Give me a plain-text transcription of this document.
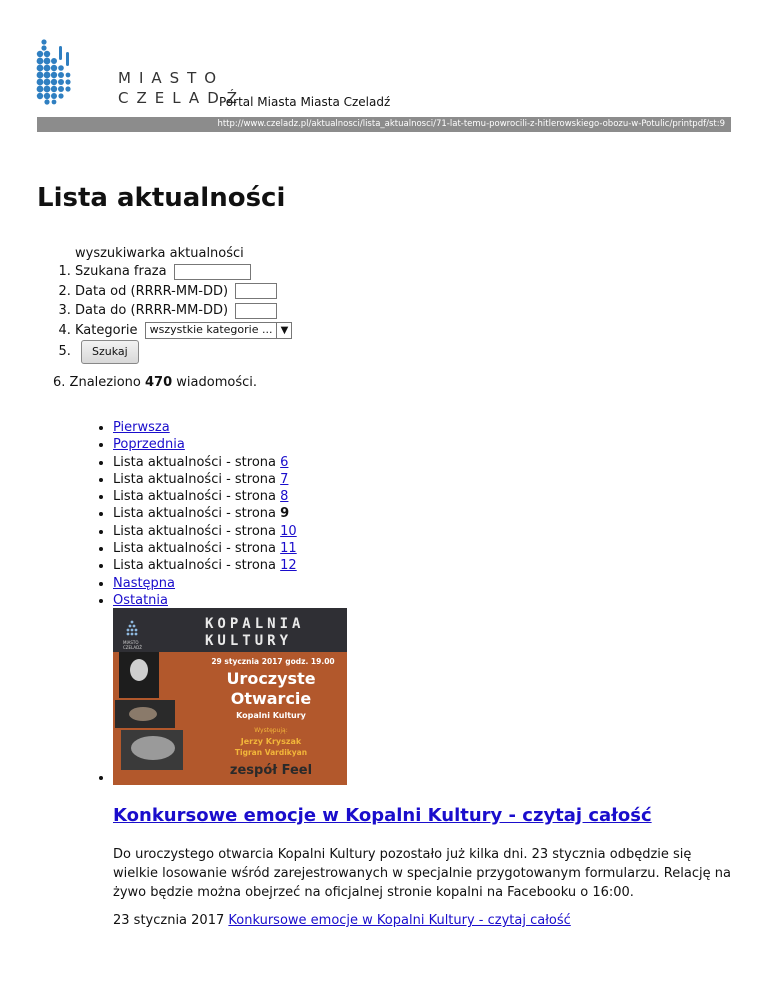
MIASTO
CZELADŹ
Portal Miasta Miasta Czeladź
http://www.czeladz.pl/aktualnosci/lista_aktualnosci/71-lat-temu-powrocili-z-hitlerowskiego-obozu-w-Potulic/printpdf/st:9
Lista aktualności
wyszukiwarka aktualności
1. Szukana fraza
2. Data od (RRRR-MM-DD)
3. Data do (RRRR-MM-DD)
4. Kategorie	wszystkie kategorie ... ▼
5. Szukaj
6. Znaleziono 470 wiadomości.
• Pierwsza
• Poprzednia
• Lista aktualności - strona 6
• Lista aktualności - strona 7
• Lista aktualności - strona 8
• Lista aktualności - strona 9
• Lista aktualności - strona 10
• Lista aktualności - strona 11
• Lista aktualności - strona 12
• Następna
• Ostatnia
• MIASTO
CZELADŹ
KOPALNIA
KULTURY
29 stycznia 2017 godz. 19.00
Uroczyste
Otwarcie
Kopalni Kultury
Występują:
Jerzy Kryszak
Tigran Vardikyan
zespół Feel
Konkursowe emocje w Kopalni Kultury - czytaj całość
Do uroczystego otwarcia Kopalni Kultury pozostało już kilka dni. 23 stycznia odbędzie się wielkie losowanie wśród zarejestrowanych w specjalnie przygotowanym formularzu. Relację na żywo będzie można obejrzeć na oficjalnej stronie kopalni na Facebooku o 16:00.
23 stycznia 2017 Konkursowe emocje w Kopalni Kultury - czytaj całość
